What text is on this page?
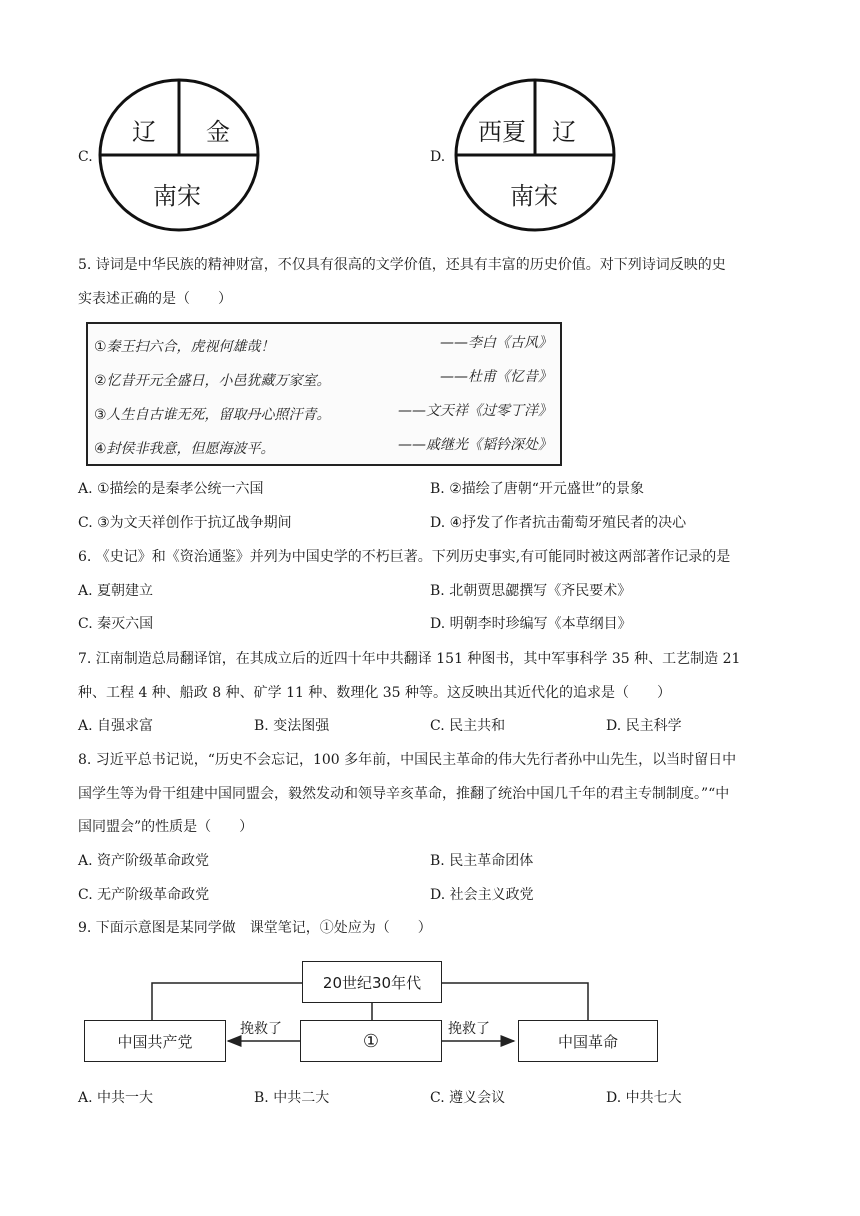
C.
辽 金
南宋
D.
西夏 辽
南宋
5. 诗词是中华民族的精神财富，不仅具有很高的文学价值，还具有丰富的历史价值。对下列诗词反映的史
实表述正确的是（　　）
①秦王扫六合，虎视何雄哉！	——李白《古风》
②忆昔开元全盛日，小邑犹藏万家室。	——杜甫《忆昔》
③人生自古谁无死，留取丹心照汗青。	——文天祥《过零丁洋》
④封侯非我意，但愿海波平。	——戚继光《韬钤深处》
A. ①描绘的是秦孝公统一六国	B. ②描绘了唐朝“开元盛世”的景象
C. ③为文天祥创作于抗辽战争期间	D. ④抒发了作者抗击葡萄牙殖民者的决心
6. 《史记》和《资治通鉴》并列为中国史学的不朽巨著。下列历史事实,有可能同时被这两部著作记录的是
A. 夏朝建立	B. 北朝贾思勰撰写《齐民要术》
C. 秦灭六国	D. 明朝李时珍编写《本草纲目》
7. 江南制造总局翻译馆，在其成立后的近四十年中共翻译 151 种图书，其中军事科学 35 种、工艺制造 21
种、工程 4 种、船政 8 种、矿学 11 种、数理化 35 种等。这反映出其近代化的追求是（　　）
A. 自强求富	B. 变法图强	C. 民主共和	D. 民主科学
8. 习近平总书记说，“历史不会忘记，100 多年前，中国民主革命的伟大先行者孙中山先生，以当时留日中
国学生等为骨干组建中国同盟会，毅然发动和领导辛亥革命，推翻了统治中国几千年的君主专制制度。”“中
国同盟会”的性质是（　　）
A. 资产阶级革命政党	B. 民主革命团体
C. 无产阶级革命政党	D. 社会主义政党
9. 下面示意图是某同学做　课堂笔记，①处应为（　　）
20世纪30年代
中国共产党	①	中国革命
挽救了	挽救了
A. 中共一大	B. 中共二大	C. 遵义会议	D. 中共七大
